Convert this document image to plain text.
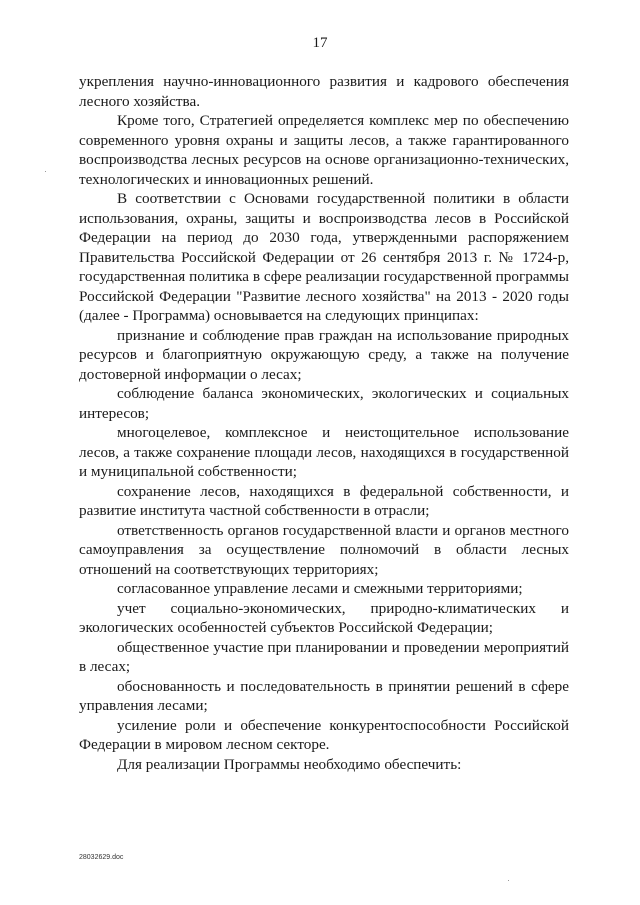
17

укрепления научно-инновационного развития и кадрового обеспечения лесного хозяйства.

Кроме того, Стратегией определяется комплекс мер по обеспечению современного уровня охраны и защиты лесов, а также гарантированного воспроизводства лесных ресурсов на основе организационно-технических, технологических и инновационных решений.

В соответствии с Основами государственной политики в области использования, охраны, защиты и воспроизводства лесов в Российской Федерации на период до 2030 года, утвержденными распоряжением Правительства Российской Федерации от 26 сентября 2013 г. № 1724-р, государственная политика в сфере реализации государственной программы Российской Федерации "Развитие лесного хозяйства" на 2013 - 2020 годы (далее - Программа) основывается на следующих принципах:

признание и соблюдение прав граждан на использование природных ресурсов и благоприятную окружающую среду, а также на получение достоверной информации о лесах;

соблюдение баланса экономических, экологических и социальных интересов;

многоцелевое, комплексное и неистощительное использование лесов, а также сохранение площади лесов, находящихся в государственной и муниципальной собственности;

сохранение лесов, находящихся в федеральной собственности, и развитие института частной собственности в отрасли;

ответственность органов государственной власти и органов местного самоуправления за осуществление полномочий в области лесных отношений на соответствующих территориях;

согласованное управление лесами и смежными территориями;

учет социально-экономических, природно-климатических и экологических особенностей субъектов Российской Федерации;

общественное участие при планировании и проведении мероприятий в лесах;

обоснованность и последовательность в принятии решений в сфере управления лесами;

усиление роли и обеспечение конкурентоспособности Российской Федерации в мировом лесном секторе.

Для реализации Программы необходимо обеспечить:

28032629.doc
